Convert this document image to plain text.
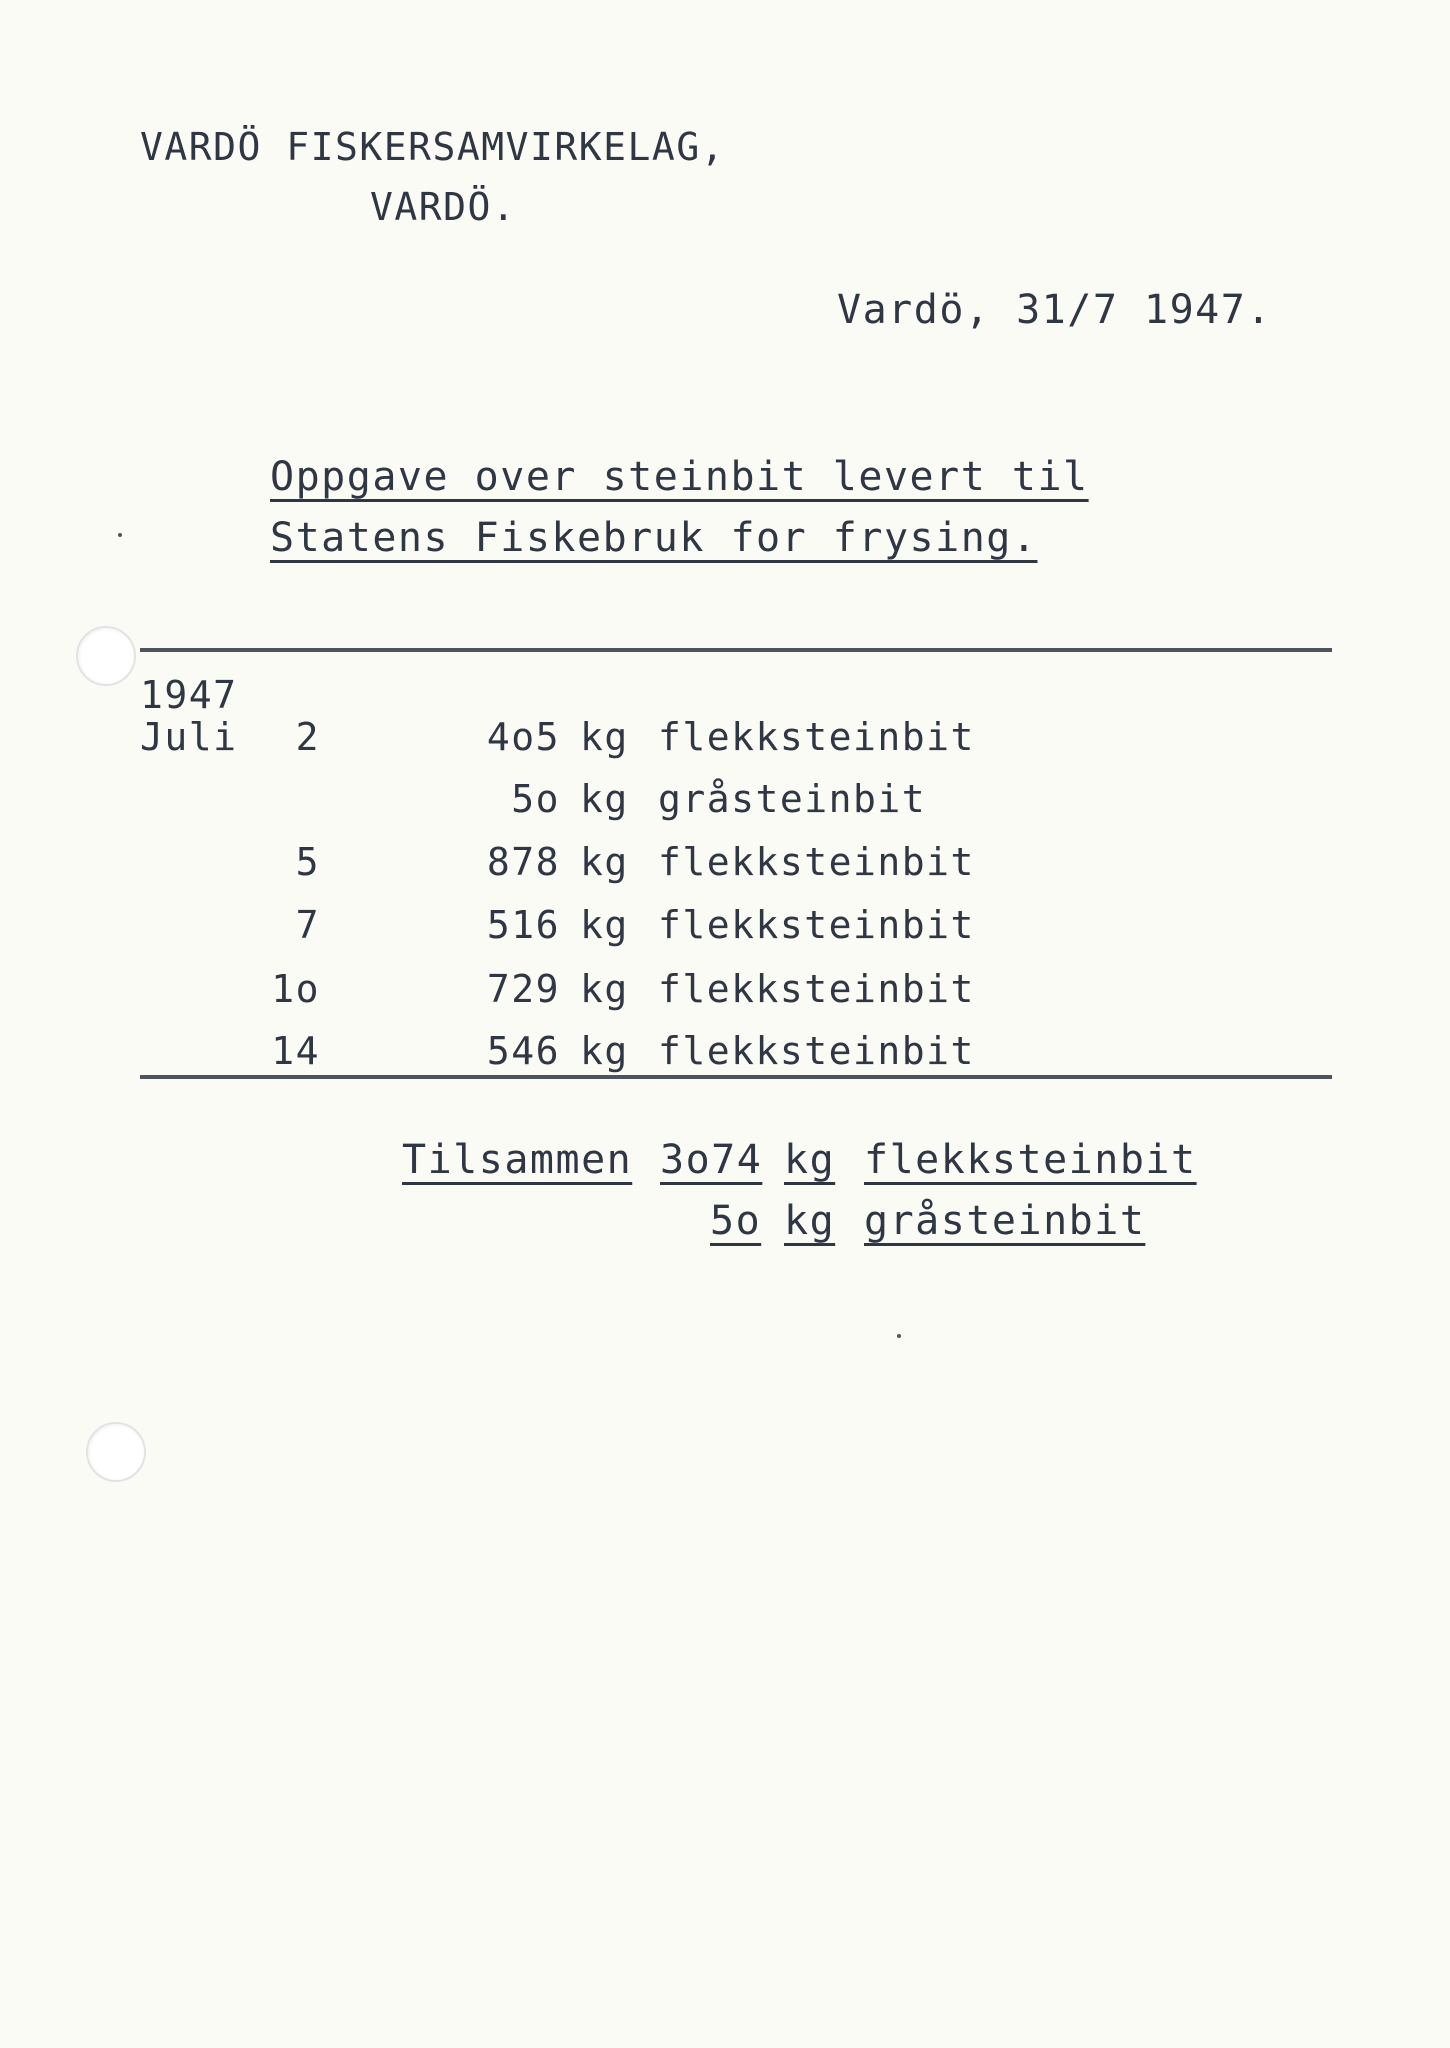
VARDÖ FISKERSAMVIRKELAG,
VARDÖ.
Vardö, 31/7 1947.
Oppgave over steinbit levert til
Statens Fiskebruk for frysing.
1947
Juli	2	4o5 kg flekksteinbit
5o kg gråsteinbit
5	878 kg flekksteinbit
7	516 kg flekksteinbit
1o	729 kg flekksteinbit
14	546 kg flekksteinbit
Tilsammen 3o74 kg flekksteinbit
5o kg gråsteinbit
